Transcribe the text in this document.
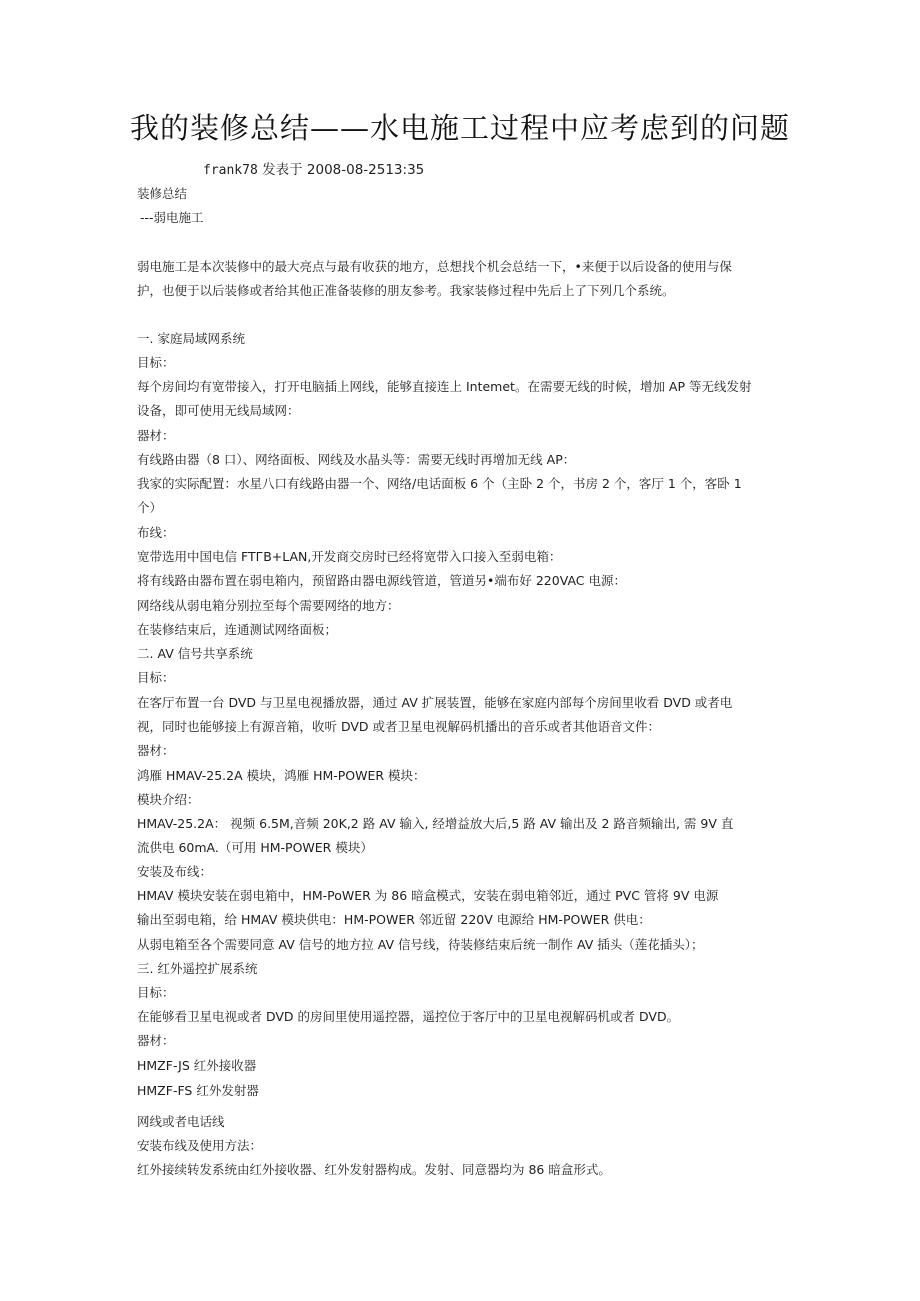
我的装修总结——水电施工过程中应考虑到的问题
frank78 发表于 2008-08-2513:35
装修总结
---弱电施工
弱电施工是本次装修中的最大亮点与最有收获的地方，总想找个机会总结一下，•来便于以后设备的使用与保
护，也便于以后装修或者给其他正准备装修的朋友参考。我家装修过程中先后上了下列几个系统。
一. 家庭局域网系统
目标：
每个房间均有宽带接入，打开电脑插上网线，能够直接连上 Intemet。在需要无线的时候，增加 AP 等无线发射
设备，即可使用无线局域网：
器材：
有线路由器（8 口）、网络面板、网线及水晶头等：需要无线时再增加无线 AP：
我家的实际配置：水星八口有线路由器一个、网络/电话面板 6 个（主卧 2 个，书房 2 个，客厅 1 个，客卧 1
个）
布线：
宽带选用中国电信 FTГB+LAN,开发商交房时已经将宽带入口接入至弱电箱：
将有线路由器布置在弱电箱内，预留路由器电源线管道，管道另•端布好 220VAC 电源：
网络线从弱电箱分别拉至每个需要网络的地方：
在装修结束后，连通测试网络面板；
二. AV 信号共享系统
目标：
在客厅布置一台 DVD 与卫星电视播放器，通过 AV 扩展装置，能够在家庭内部每个房间里收看 DVD 或者电
视，同时也能够接上有源音箱，收听 DVD 或者卫星电视解码机播出的音乐或者其他语音文件：
器材：
鸿雁 HMAV-25.2A 模块，鸿雁 HM-POWER 模块：
模块介绍：
HMAV-25.2A： 视频 6.5M,音频 20K,2 路 AV 输入, 经增益放大后,5 路 AV 输出及 2 路音频输出, 需 9V 直
流供电 60mA.（可用 HM-POWER 模块）
安装及布线：
HMAV 模块安装在弱电箱中，HM-PoWER 为 86 暗盒模式，安装在弱电箱邻近，通过 PVC 管将 9V 电源
输出至弱电箱，给 HMAV 模块供电：HM-POWER 邻近留 220V 电源给 HM-POWER 供电：
从弱电箱至各个需要同意 AV 信号的地方拉 AV 信号线，待装修结束后统一制作 AV 插头（莲花插头）；
三. 红外遥控扩展系统
目标：
在能够看卫星电视或者 DVD 的房间里使用遥控器，遥控位于客厅中的卫星电视解码机或者 DVD。
器材：
HMZF-JS 红外接收器
HMZF-FS 红外发射器
网线或者电话线
安装布线及使用方法：
红外接续转发系统由红外接收器、红外发射器构成。发射、同意器均为 86 暗盒形式。
